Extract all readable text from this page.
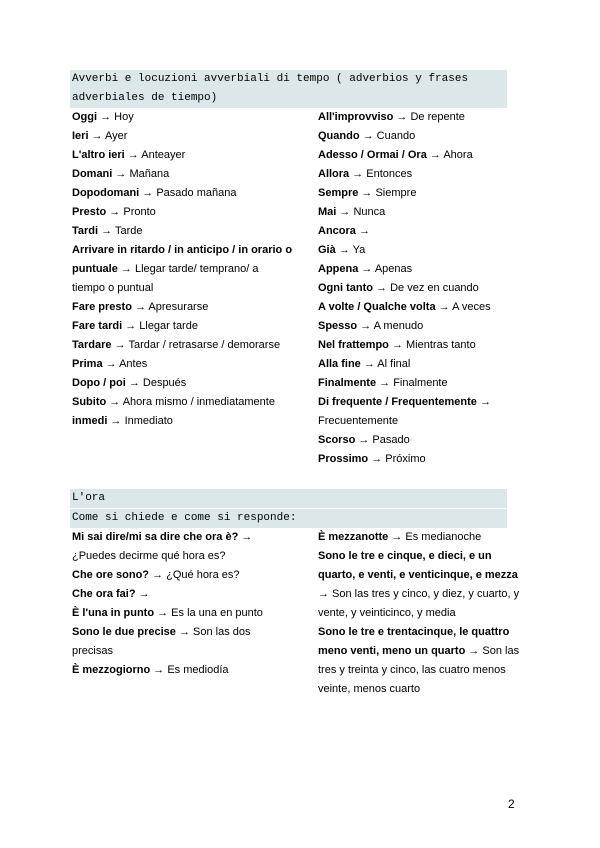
Avverbi e locuzioni avverbiali di tempo ( adverbios y frases
adverbiales de tiempo)

Oggi → Hoy

Ieri → Ayer

L'altro ieri → Anteayer

Domani → Mañana

Dopodomani → Pasado mañana

Presto → Pronto

Tardi → Tarde

Arrivare in ritardo / in anticipo / in orario o puntuale → Llegar tarde/ temprano/ a tiempo o puntual

Fare presto → Apresurarse

Fare tardi → Llegar tarde

Tardare → Tardar / retrasarse / demorarse

Prima → Antes

Dopo / poi → Después

Subito → Ahora mismo / inmediatamente

inmedi → Inmediato

All'improvviso → De repente

Quando → Cuando

Adesso / Ormai / Ora → Ahora

Allora → Entonces

Sempre → Siempre

Mai → Nunca

Ancora →

Già → Ya

Appena → Apenas

Ogni tanto → De vez en cuando

A volte / Qualche volta → A veces

Spesso → A menudo

Nel frattempo → Mientras tanto

Alla fine → Al final

Finalmente → Finalmente

Di frequente / Frequentemente → Frecuentemente

Scorso → Pasado

Prossimo → Próximo

L'ora
Come si chiede e come si responde:

Mi sai dire/mi sa dire che ora è? → ¿Puedes decirme qué hora es?

Che ore sono? → ¿Qué hora es?

Che ora fai? →

È l'una in punto → Es la una en punto

Sono le due precise → Son las dos precisas

È mezzogiorno → Es mediodía

È mezzanotte → Es medianoche

Sono le tre e cinque, e dieci, e un quarto, e venti, e venticinque, e mezza → Son las tres y cinco, y diez, y cuarto, y vente, y veinticinco, y media

Sono le tre e trentacinque, le quattro meno venti, meno un quarto → Son las tres y treinta y cinco, las cuatro menos veinte, menos cuarto

2
